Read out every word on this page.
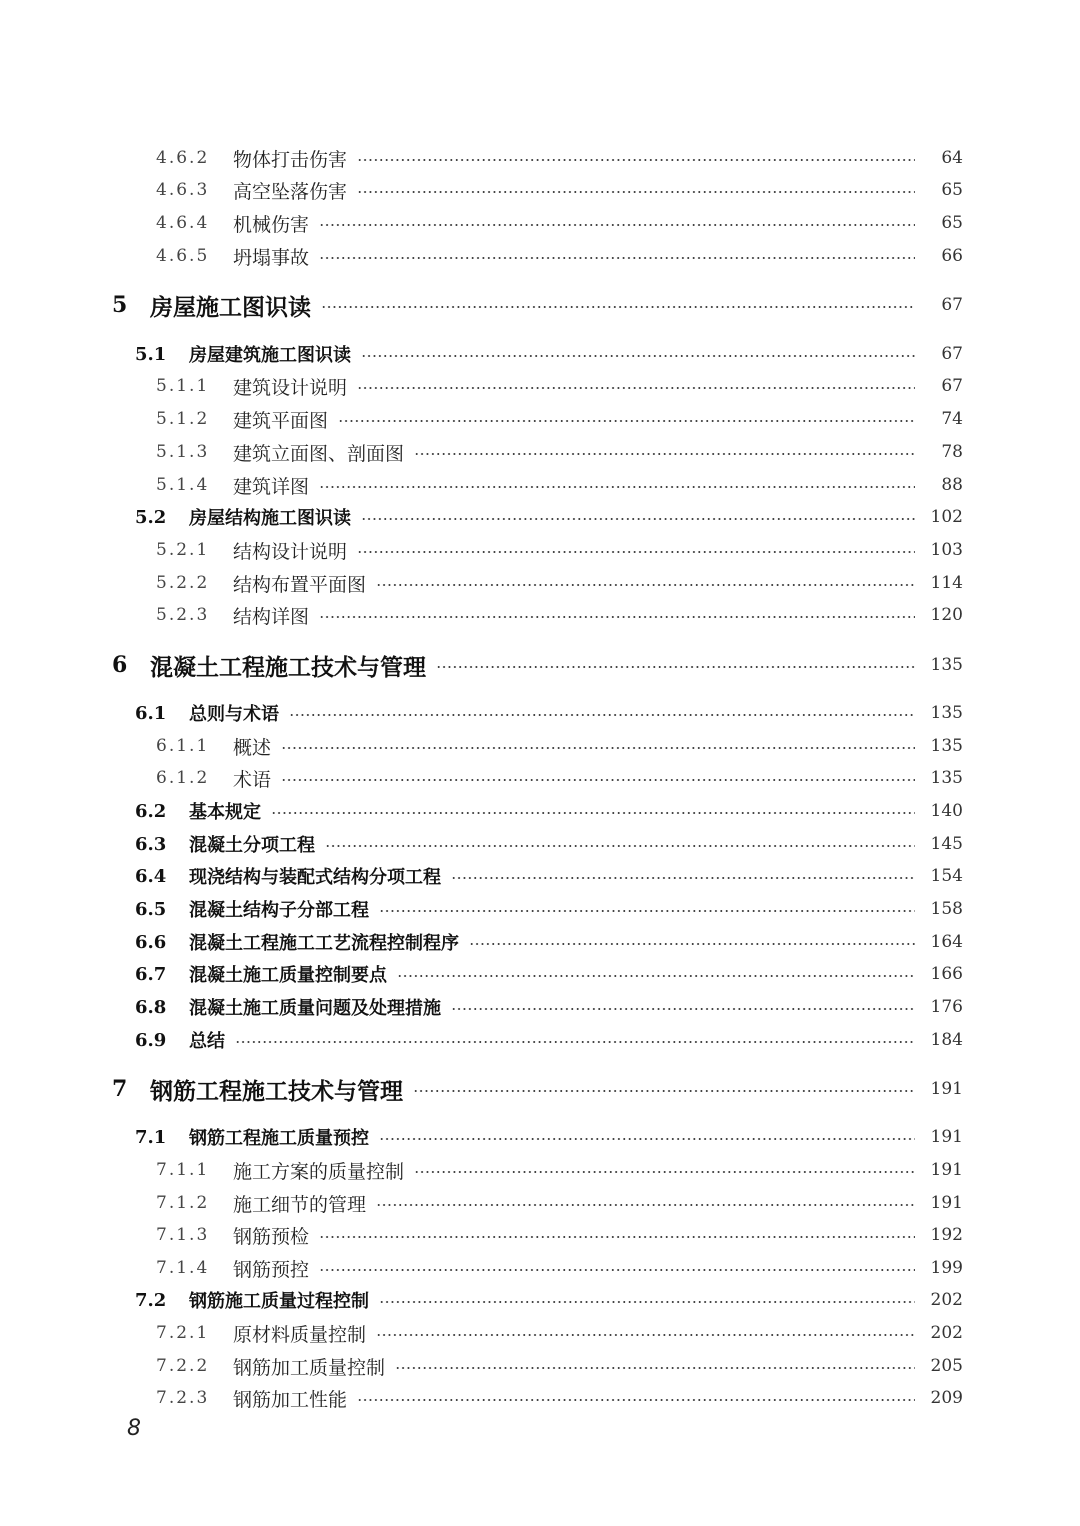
4.6.2	物体打击伤害	64
4.6.3	高空坠落伤害	65
4.6.4	机械伤害	65
4.6.5	坍塌事故	66
5 房屋施工图识读	67
5.1	房屋建筑施工图识读	67
5.1.1	建筑设计说明	67
5.1.2	建筑平面图	74
5.1.3	建筑立面图、剖面图	78
5.1.4	建筑详图	88
5.2	房屋结构施工图识读	102
5.2.1	结构设计说明	103
5.2.2	结构布置平面图	114
5.2.3	结构详图	120
6 混凝土工程施工技术与管理	135
6.1	总则与术语	135
6.1.1	概述	135
6.1.2	术语	135
6.2	基本规定	140
6.3	混凝土分项工程	145
6.4	现浇结构与装配式结构分项工程	154
6.5	混凝土结构子分部工程	158
6.6	混凝土工程施工工艺流程控制程序	164
6.7	混凝土施工质量控制要点	166
6.8	混凝土施工质量问题及处理措施	176
6.9	总结	184
7 钢筋工程施工技术与管理	191
7.1	钢筋工程施工质量预控	191
7.1.1	施工方案的质量控制	191
7.1.2	施工细节的管理	191
7.1.3	钢筋预检	192
7.1.4	钢筋预控	199
7.2	钢筋施工质量过程控制	202
7.2.1	原材料质量控制	202
7.2.2	钢筋加工质量控制	205
7.2.3	钢筋加工性能	209
8
